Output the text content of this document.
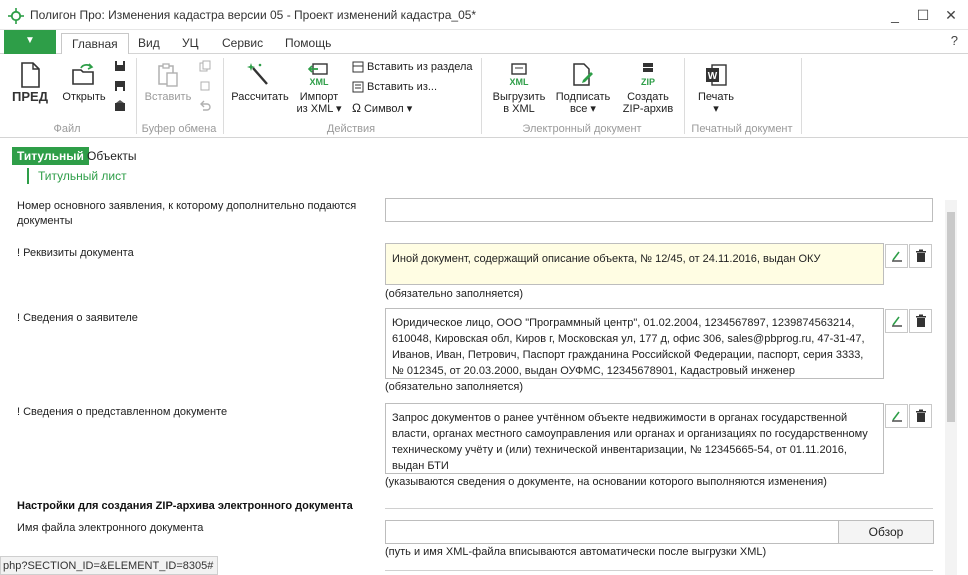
Полигон Про: Изменения кадастра версии 05 - Проект изменений кадастра_05*	_	☐	✕
▼	Главная	Вид	УЦ	Сервис	Помощь	?
ПРЕД Открыть
Файл
Вставить
Буфер обмена
Рассчитать
XML
Импорт
из XML ▾
Вставить из раздела
Вставить из...
Ω Символ ▾
Действия
XML
Выгрузить
в XML
Подписать
все ▾
ZIP
Создать
ZIP-архив
Электронный документ
W
Печать
▾
Печатный документ
Титульный Объекты
Титульный лист
Номер основного заявления, к которому дополнительно подаются документы
! Реквизиты документа	Иной документ, содержащий описание объекта, № 12/45, от 24.11.2016, выдан ОКУ
(обязательно заполняется)
! Сведения о заявителе	Юридическое лицо, ООО "Программный центр", 01.02.2004, 1234567897, 1239874563214, 610048, Кировская обл, Киров г, Московская ул, 177 д, офис 306, sales@pbprog.ru, 47-31-47, Иванов, Иван, Петрович, Паспорт гражданина Российской Федерации, паспорт, серия 3333, № 012345, от 20.03.2000, выдан ОУФМС, 12345678901, Кадастровый инженер
(обязательно заполняется)
! Сведения о представленном документе	Запрос документов о ранее учтённом объекте недвижимости в органах государственной власти, органах местного самоуправления или органах и организациях по государственному техническому учёту и (или) технической инвентаризации, № 12345665-54, от 01.11.2016, выдан БТИ
(указываются сведения о документе, на основании которого выполняются изменения)
Настройки для создания ZIP-архива электронного документа
Имя файла электронного документа	Обзор
(путь и имя XML-файла вписываются автоматически после выгрузки XML)
php?SECTION_ID=&ELEMENT_ID=8305#
